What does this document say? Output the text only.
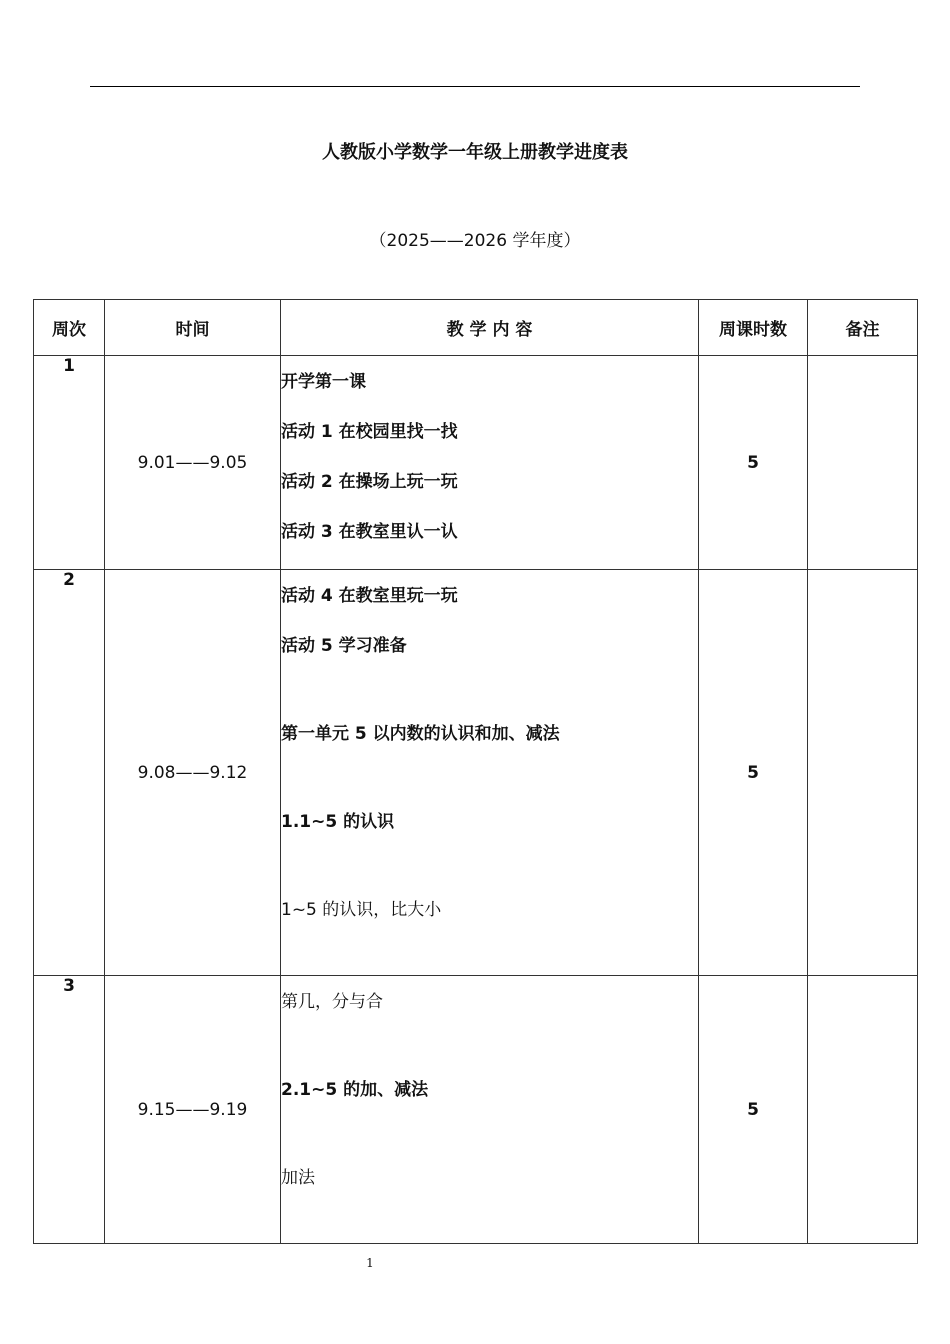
人教版小学数学一年级上册教学进度表
（2025——2026 学年度）
周次	时间	教 学 内 容	周课时数	备注
1	9.01——9.05	开学第一课
活动 1 在校园里找一找
活动 2 在操场上玩一玩
活动 3 在教室里认一认	5	
2	9.08——9.12	活动 4 在教室里玩一玩
活动 5 学习准备
第一单元 5 以内数的认识和加、减法
1.1~5 的认识
1~5 的认识，比大小	5	
3	9.15——9.19	第几，分与合
2.1~5 的加、减法
加法	5	
1
